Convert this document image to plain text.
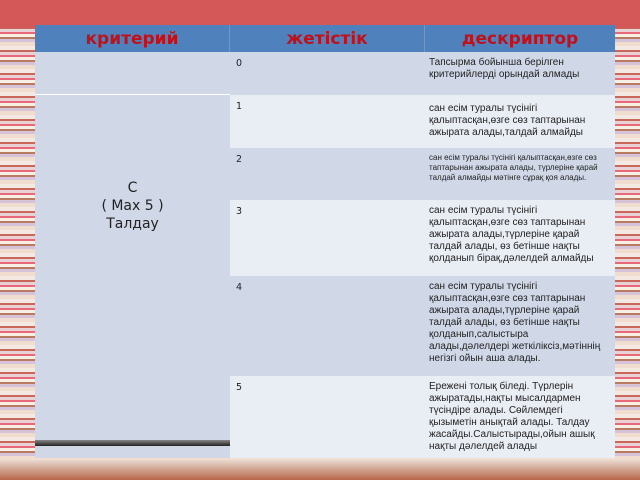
критерий	жетістік	дескриптор
С
( Max 5 )
Талдау
0	Тапсырма бойынша берілген критерийлерді орындай алмады
1	сан есім туралы түсінігі қалыптасқан,өзге сөз таптарынан ажырата алады,талдай алмайды
2	сан есім туралы түсінігі қалыптасқан,өзге сөз таптарынан ажырата алады, түрлеріне қарай талдай алмайды мәтінге сұрақ қоя алады.
3	сан есім туралы түсінігі қалыптасқан,өзге сөз таптарынан ажырата алады,түрлеріне қарай талдай алады, өз бетінше нақты қолданып бірақ,дәлелдей алмайды
4	сан есім туралы түсінігі қалыптасқан,өзге сөз таптарынан ажырата алады,түрлеріне қарай талдай алады, өз бетінше нақты қолданып,салыстыра алады,дәлелдері жеткіліксіз,мәтіннің негізгі ойын аша алады.
5	Ережені толық біледі. Түрлерін ажыратады,нақты мысалдармен түсіндіре алады. Сөйлемдегі қызыметін анықтай алады. Талдау жасайды.Салыстырады,ойын ашық нақты дәлелдей алады
